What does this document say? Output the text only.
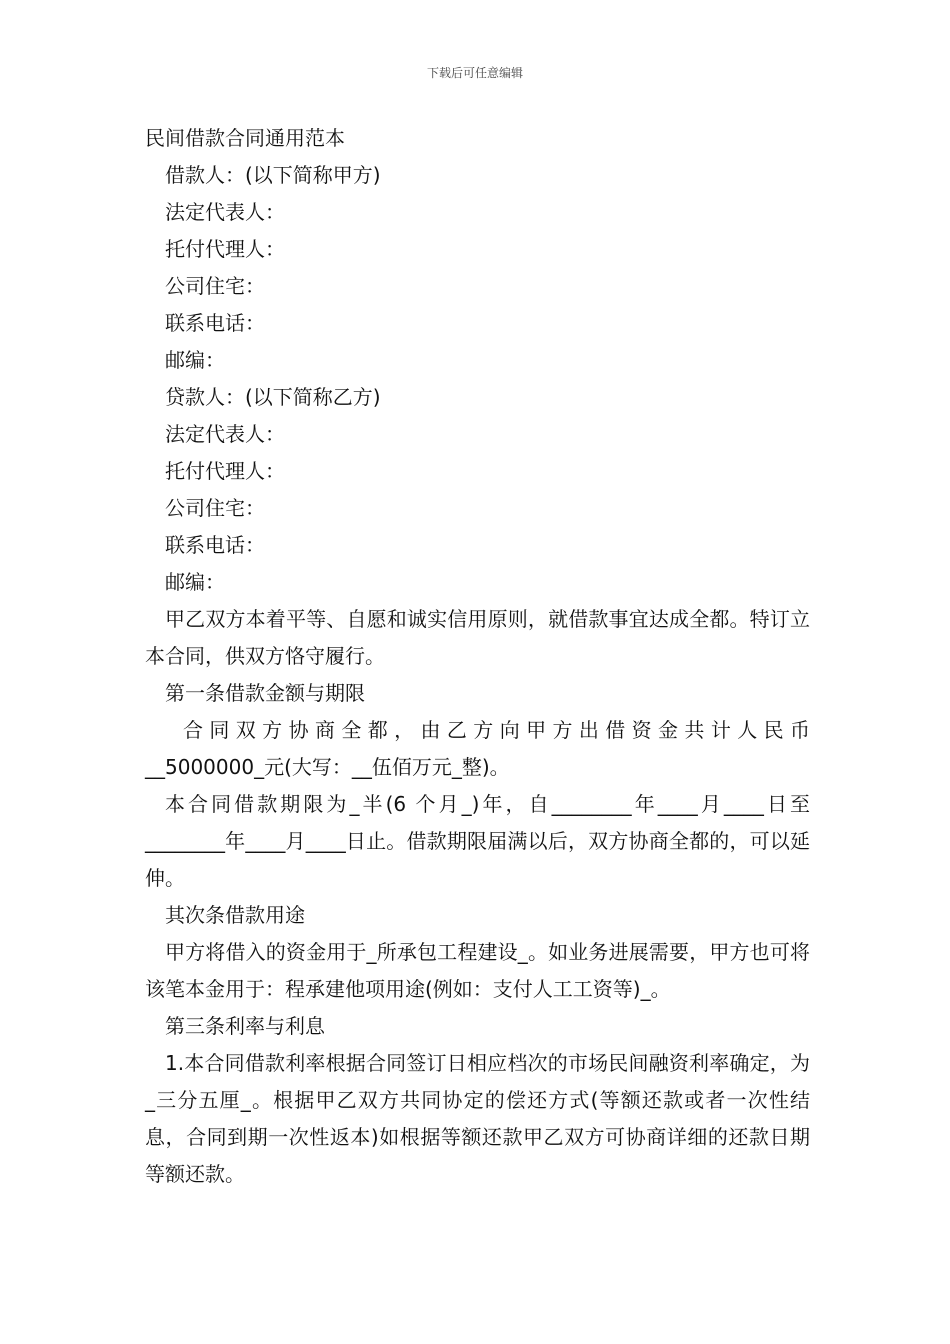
下载后可任意编辑

民间借款合同通用范本

借款人：(以下简称甲方)

法定代表人：

托付代理人：

公司住宅：

联系电话：

邮编：

贷款人：(以下简称乙方)

法定代表人：

托付代理人：

公司住宅：

联系电话：

邮编：

甲乙双方本着平等、自愿和诚实信用原则，就借款事宜达成全都。特订立本合同，供双方恪守履行。

第一条借款金额与期限

合同双方协商全都，由乙方向甲方出借资金共计人民币

__5000000_元(大写：__伍佰万元_整)。

本合同借款期限为_半(6 个月_)年，自________年____月____日至________年____月____日止。借款期限届满以后，双方协商全都的，可以延伸。

其次条借款用途

甲方将借入的资金用于_所承包工程建设_。如业务进展需要，甲方也可将该笔本金用于：程承建他项用途(例如：支付人工工资等)_。

第三条利率与利息

1.本合同借款利率根据合同签订日相应档次的市场民间融资利率确定，为_三分五厘_。根据甲乙双方共同协定的偿还方式(等额还款或者一次性结息，合同到期一次性返本)如根据等额还款甲乙双方可协商详细的还款日期等额还款。
